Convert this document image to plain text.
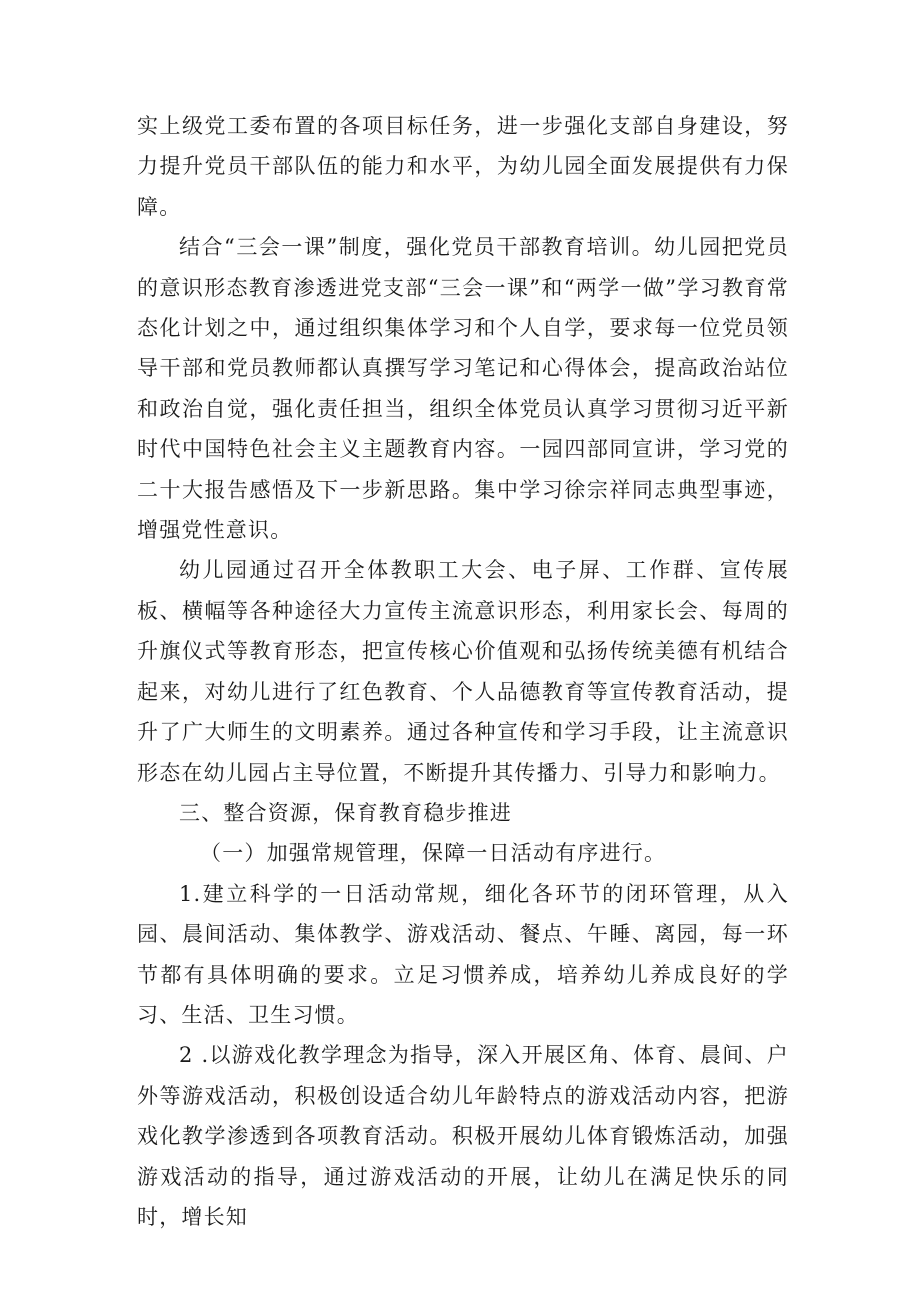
实上级党工委布置的各项目标任务，进一步强化支部自身建设，努力提升党员干部队伍的能力和水平，为幼儿园全面发展提供有力保障。

结合“三会一课”制度，强化党员干部教育培训。幼儿园把党员的意识形态教育渗透进党支部“三会一课”和“两学一做”学习教育常态化计划之中，通过组织集体学习和个人自学，要求每一位党员领导干部和党员教师都认真撰写学习笔记和心得体会，提高政治站位和政治自觉，强化责任担当，组织全体党员认真学习贯彻习近平新时代中国特色社会主义主题教育内容。一园四部同宣讲，学习党的二十大报告感悟及下一步新思路。集中学习徐宗祥同志典型事迹，增强党性意识。

幼儿园通过召开全体教职工大会、电子屏、工作群、宣传展板、横幅等各种途径大力宣传主流意识形态，利用家长会、每周的升旗仪式等教育形态，把宣传核心价值观和弘扬传统美德有机结合起来，对幼儿进行了红色教育、个人品德教育等宣传教育活动，提升了广大师生的文明素养。通过各种宣传和学习手段，让主流意识形态在幼儿园占主导位置，不断提升其传播力、引导力和影响力。

三、整合资源，保育教育稳步推进

（一）加强常规管理，保障一日活动有序进行。

1.建立科学的一日活动常规，细化各环节的闭环管理，从入园、晨间活动、集体教学、游戏活动、餐点、午睡、离园，每一环节都有具体明确的要求。立足习惯养成，培养幼儿养成良好的学习、生活、卫生习惯。

2 .以游戏化教学理念为指导，深入开展区角、体育、晨间、户外等游戏活动，积极创设适合幼儿年龄特点的游戏活动内容，把游戏化教学渗透到各项教育活动。积极开展幼儿体育锻炼活动，加强游戏活动的指导，通过游戏活动的开展，让幼儿在满足快乐的同时，增长知
